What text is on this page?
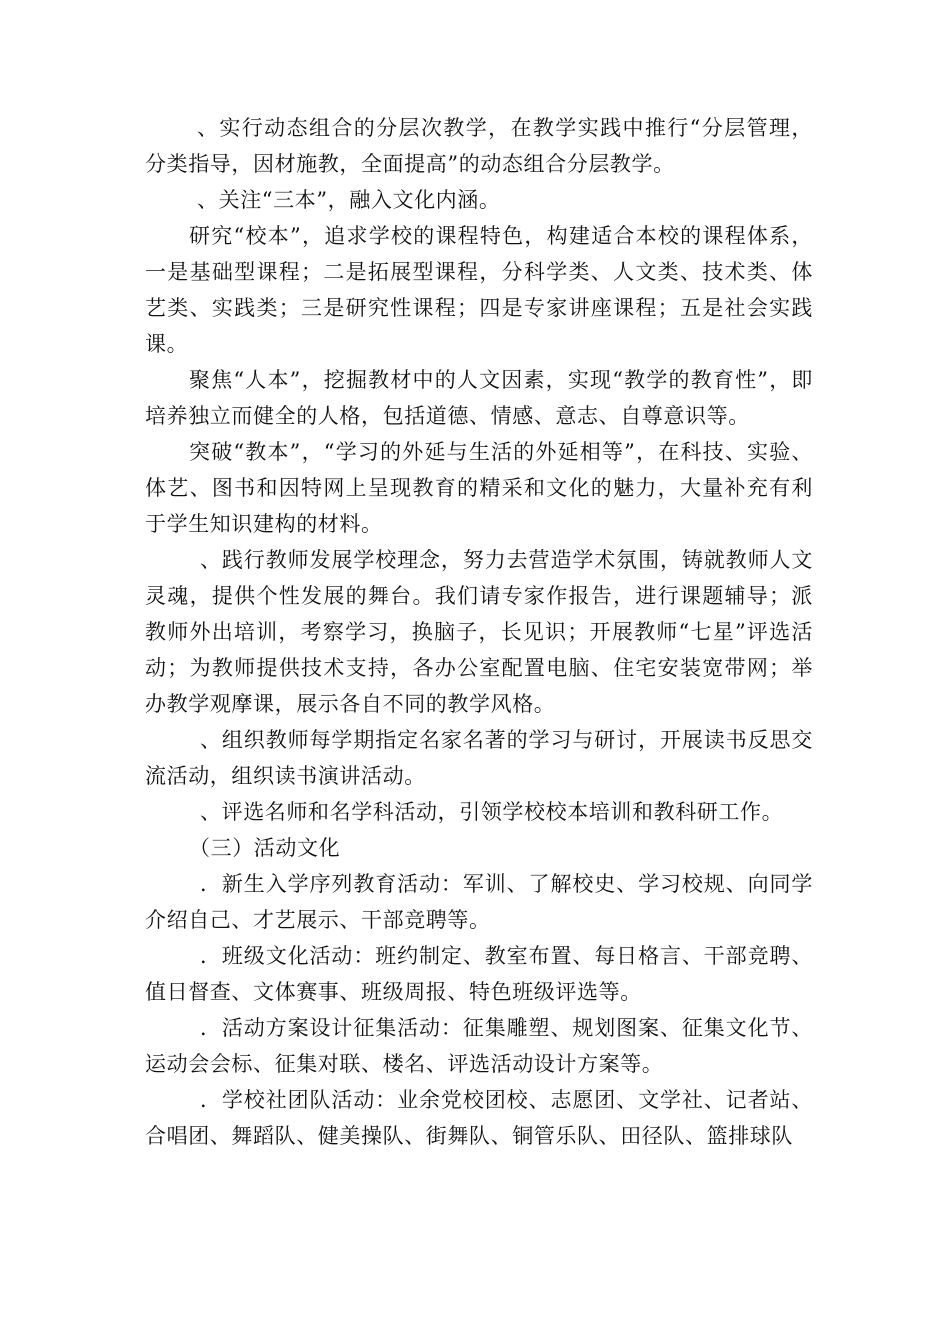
、实行动态组合的分层次教学，在教学实践中推行“分层管理，分类指导，因材施教，全面提高”的动态组合分层教学。

、关注“三本”，融入文化内涵。

研究“校本”，追求学校的课程特色，构建适合本校的课程体系，一是基础型课程；二是拓展型课程，分科学类、人文类、技术类、体艺类、实践类；三是研究性课程；四是专家讲座课程；五是社会实践课。

聚焦“人本”，挖掘教材中的人文因素，实现“教学的教育性”，即培养独立而健全的人格，包括道德、情感、意志、自尊意识等。

突破“教本”，“学习的外延与生活的外延相等”，在科技、实验、体艺、图书和因特网上呈现教育的精采和文化的魅力，大量补充有利于学生知识建构的材料。

、践行教师发展学校理念，努力去营造学术氛围，铸就教师人文灵魂，提供个性发展的舞台。我们请专家作报告，进行课题辅导；派教师外出培训，考察学习，换脑子，长见识；开展教师“七星”评选活动；为教师提供技术支持，各办公室配置电脑、住宅安装宽带网；举办教学观摩课，展示各自不同的教学风格。

、组织教师每学期指定名家名著的学习与研讨，开展读书反思交流活动，组织读书演讲活动。

、评选名师和名学科活动，引领学校校本培训和教科研工作。

（三）活动文化

．新生入学序列教育活动：军训、了解校史、学习校规、向同学介绍自己、才艺展示、干部竞聘等。

．班级文化活动：班约制定、教室布置、每日格言、干部竞聘、值日督查、文体赛事、班级周报、特色班级评选等。

．活动方案设计征集活动：征集雕塑、规划图案、征集文化节、运动会会标、征集对联、楼名、评选活动设计方案等。

．学校社团队活动：业余党校团校、志愿团、文学社、记者站、合唱团、舞蹈队、健美操队、街舞队、铜管乐队、田径队、篮排球队
